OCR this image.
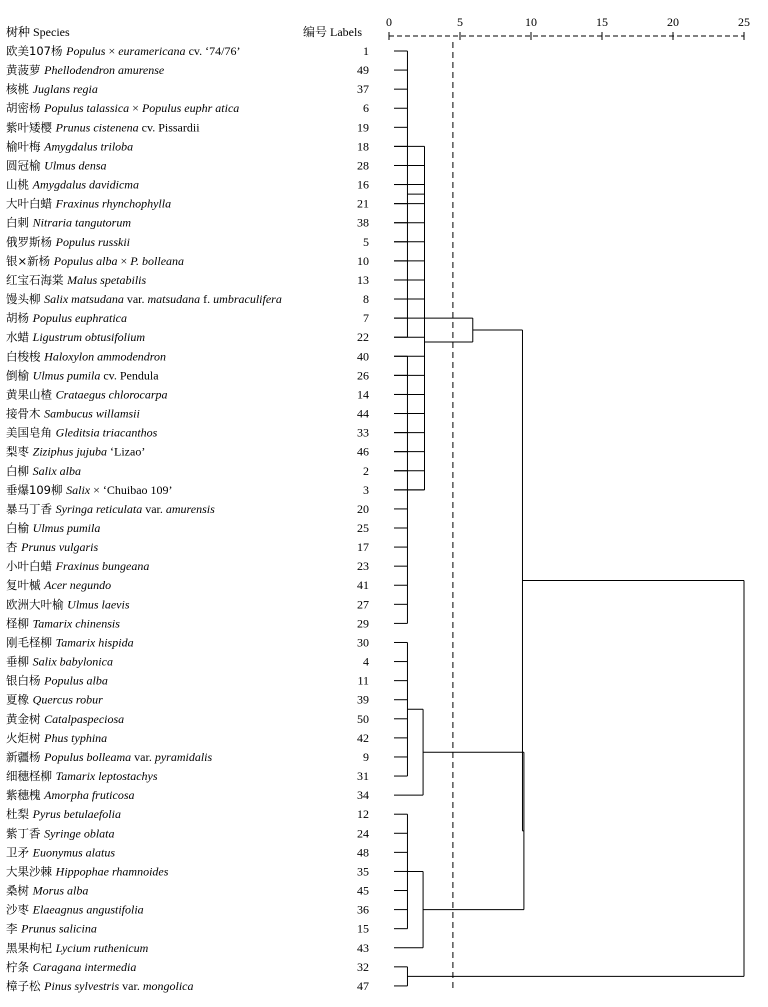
树种 Species	编号 Labels
0	5	10	15	20	25
欧美107杨 Populus × euramericana cv. ‘74/76’	1
黄菠萝 Phellodendron amurense	49
核桃 Juglans regia	37
胡密杨 Populus talassica × Populus euphr atica	6
紫叶矮樱 Prunus cistenena cv. Pissardii	19
榆叶梅 Amygdalus triloba	18
圆冠榆 Ulmus densa	28
山桃 Amygdalus davidicma	16
大叶白蜡 Fraxinus rhynchophylla	21
白刺 Nitraria tangutorum	38
俄罗斯杨 Populus russkii	5
银×新杨 Populus alba × P. bolleana	10
红宝石海棠 Malus spetabilis	13
馒头柳 Salix matsudana var. matsudana f. umbraculifera	8
胡杨 Populus euphratica	7
水蜡 Ligustrum obtusifolium	22
白梭梭 Haloxylon ammodendron	40
倒榆 Ulmus pumila cv. Pendula	26
黄果山楂 Crataegus chlorocarpa	14
接骨木 Sambucus willamsii	44
美国皂角 Gleditsia triacanthos	33
梨枣 Ziziphus jujuba ‘Lizao’	46
白柳 Salix alba	2
垂爆109柳 Salix × ‘Chuibao 109’	3
暴马丁香 Syringa reticulata var. amurensis	20
白榆 Ulmus pumila	25
杏 Prunus vulgaris	17
小叶白蜡 Fraxinus bungeana	23
复叶槭 Acer negundo	41
欧洲大叶榆 Ulmus laevis	27
柽柳 Tamarix chinensis	29
刚毛柽柳 Tamarix hispida	30
垂柳 Salix babylonica	4
银白杨 Populus alba	11
夏橡 Quercus robur	39
黄金树 Catalpaspeciosa	50
火炬树 Phus typhina	42
新疆杨 Populus bolleama var. pyramidalis	9
细穗柽柳 Tamarix leptostachys	31
紫穗槐 Amorpha fruticosa	34
杜梨 Pyrus betulaefolia	12
紫丁香 Syringe oblata	24
卫矛 Euonymus alatus	48
大果沙棘 Hippophae rhamnoides	35
桑树 Morus alba	45
沙枣 Elaeagnus angustifolia	36
李 Prunus salicina	15
黑果枸杞 Lycium ruthenicum	43
柠条 Caragana intermedia	32
樟子松 Pinus sylvestris var. mongolica	47
